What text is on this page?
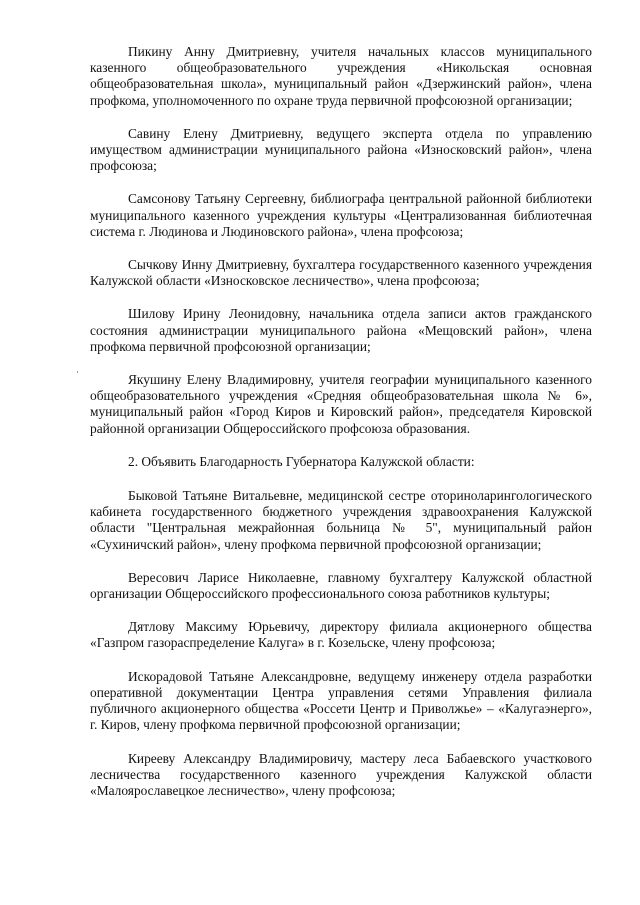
Пикину Анну Дмитриевну, учителя начальных классов муниципального казенного общеобразовательного учреждения «Никольская основная общеобразовательная школа», муниципальный район «Дзержинский район», члена профкома, уполномоченного по охране труда первичной профсоюзной организации;

Савину Елену Дмитриевну, ведущего эксперта отдела по управлению имуществом администрации муниципального района «Износковский район», члена профсоюза;

Самсонову Татьяну Сергеевну, библиографа центральной районной библиотеки муниципального казенного учреждения культуры «Централизованная библиотечная система г. Людинова и Людиновского района», члена профсоюза;

Сычкову Инну Дмитриевну, бухгалтера государственного казенного учреждения Калужской области «Износковское лесничество», члена профсоюза;

Шилову Ирину Леонидовну, начальника отдела записи актов гражданского состояния администрации муниципального района «Мещовский район», члена профкома первичной профсоюзной организации;

Якушину Елену Владимировну, учителя географии муниципального казенного общеобразовательного учреждения «Средняя общеобразовательная школа № 6», муниципальный район «Город Киров и Кировский район», председателя Кировской районной организации Общероссийского профсоюза образования.

2. Объявить Благодарность Губернатора Калужской области:

Быковой Татьяне Витальевне, медицинской сестре оториноларингологического кабинета государственного бюджетного учреждения здравоохранения Калужской области "Центральная межрайонная больница № 5", муниципальный район «Сухиничский район», члену профкома первичной профсоюзной организации;

Вересович Ларисе Николаевне, главному бухгалтеру Калужской областной организации Общероссийского профессионального союза работников культуры;

Дятлову Максиму Юрьевичу, директору филиала акционерного общества «Газпром газораспределение Калуга» в г. Козельске, члену профсоюза;

Искорадовой Татьяне Александровне, ведущему инженеру отдела разработки оперативной документации Центра управления сетями Управления филиала публичного акционерного общества «Россети Центр и Приволжье» – «Калугаэнерго», г. Киров, члену профкома первичной профсоюзной организации;

Кирееву Александру Владимировичу, мастеру леса Бабаевского участкового лесничества государственного казенного учреждения Калужской области «Малоярославецкое лесничество», члену профсоюза;
